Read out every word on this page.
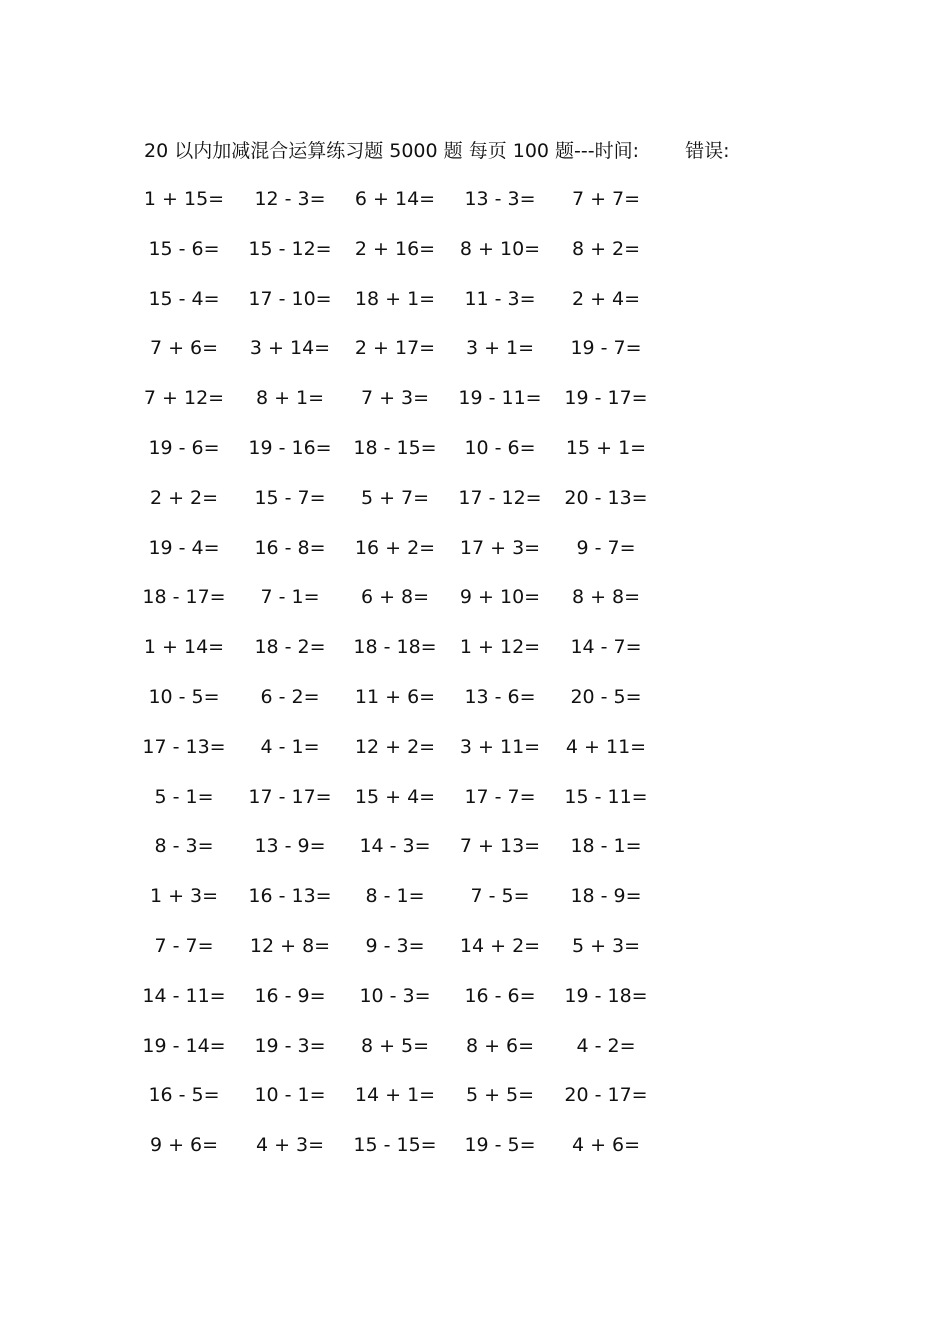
20 以内加减混合运算练习题 5000 题 每页 100 题---时间: 错误:
1 + 15= 12 - 3= 6 + 14= 13 - 3= 7 + 7=
15 - 6= 15 - 12= 2 + 16= 8 + 10= 8 + 2=
15 - 4= 17 - 10= 18 + 1= 11 - 3= 2 + 4=
7 + 6= 3 + 14= 2 + 17= 3 + 1= 19 - 7=
7 + 12= 8 + 1= 7 + 3= 19 - 11= 19 - 17=
19 - 6= 19 - 16= 18 - 15= 10 - 6= 15 + 1=
2 + 2= 15 - 7= 5 + 7= 17 - 12= 20 - 13=
19 - 4= 16 - 8= 16 + 2= 17 + 3= 9 - 7=
18 - 17= 7 - 1= 6 + 8= 9 + 10= 8 + 8=
1 + 14= 18 - 2= 18 - 18= 1 + 12= 14 - 7=
10 - 5= 6 - 2= 11 + 6= 13 - 6= 20 - 5=
17 - 13= 4 - 1= 12 + 2= 3 + 11= 4 + 11=
5 - 1= 17 - 17= 15 + 4= 17 - 7= 15 - 11=
8 - 3= 13 - 9= 14 - 3= 7 + 13= 18 - 1=
1 + 3= 16 - 13= 8 - 1= 7 - 5= 18 - 9=
7 - 7= 12 + 8= 9 - 3= 14 + 2= 5 + 3=
14 - 11= 16 - 9= 10 - 3= 16 - 6= 19 - 18=
19 - 14= 19 - 3= 8 + 5= 8 + 6= 4 - 2=
16 - 5= 10 - 1= 14 + 1= 5 + 5= 20 - 17=
9 + 6= 4 + 3= 15 - 15= 19 - 5= 4 + 6=
